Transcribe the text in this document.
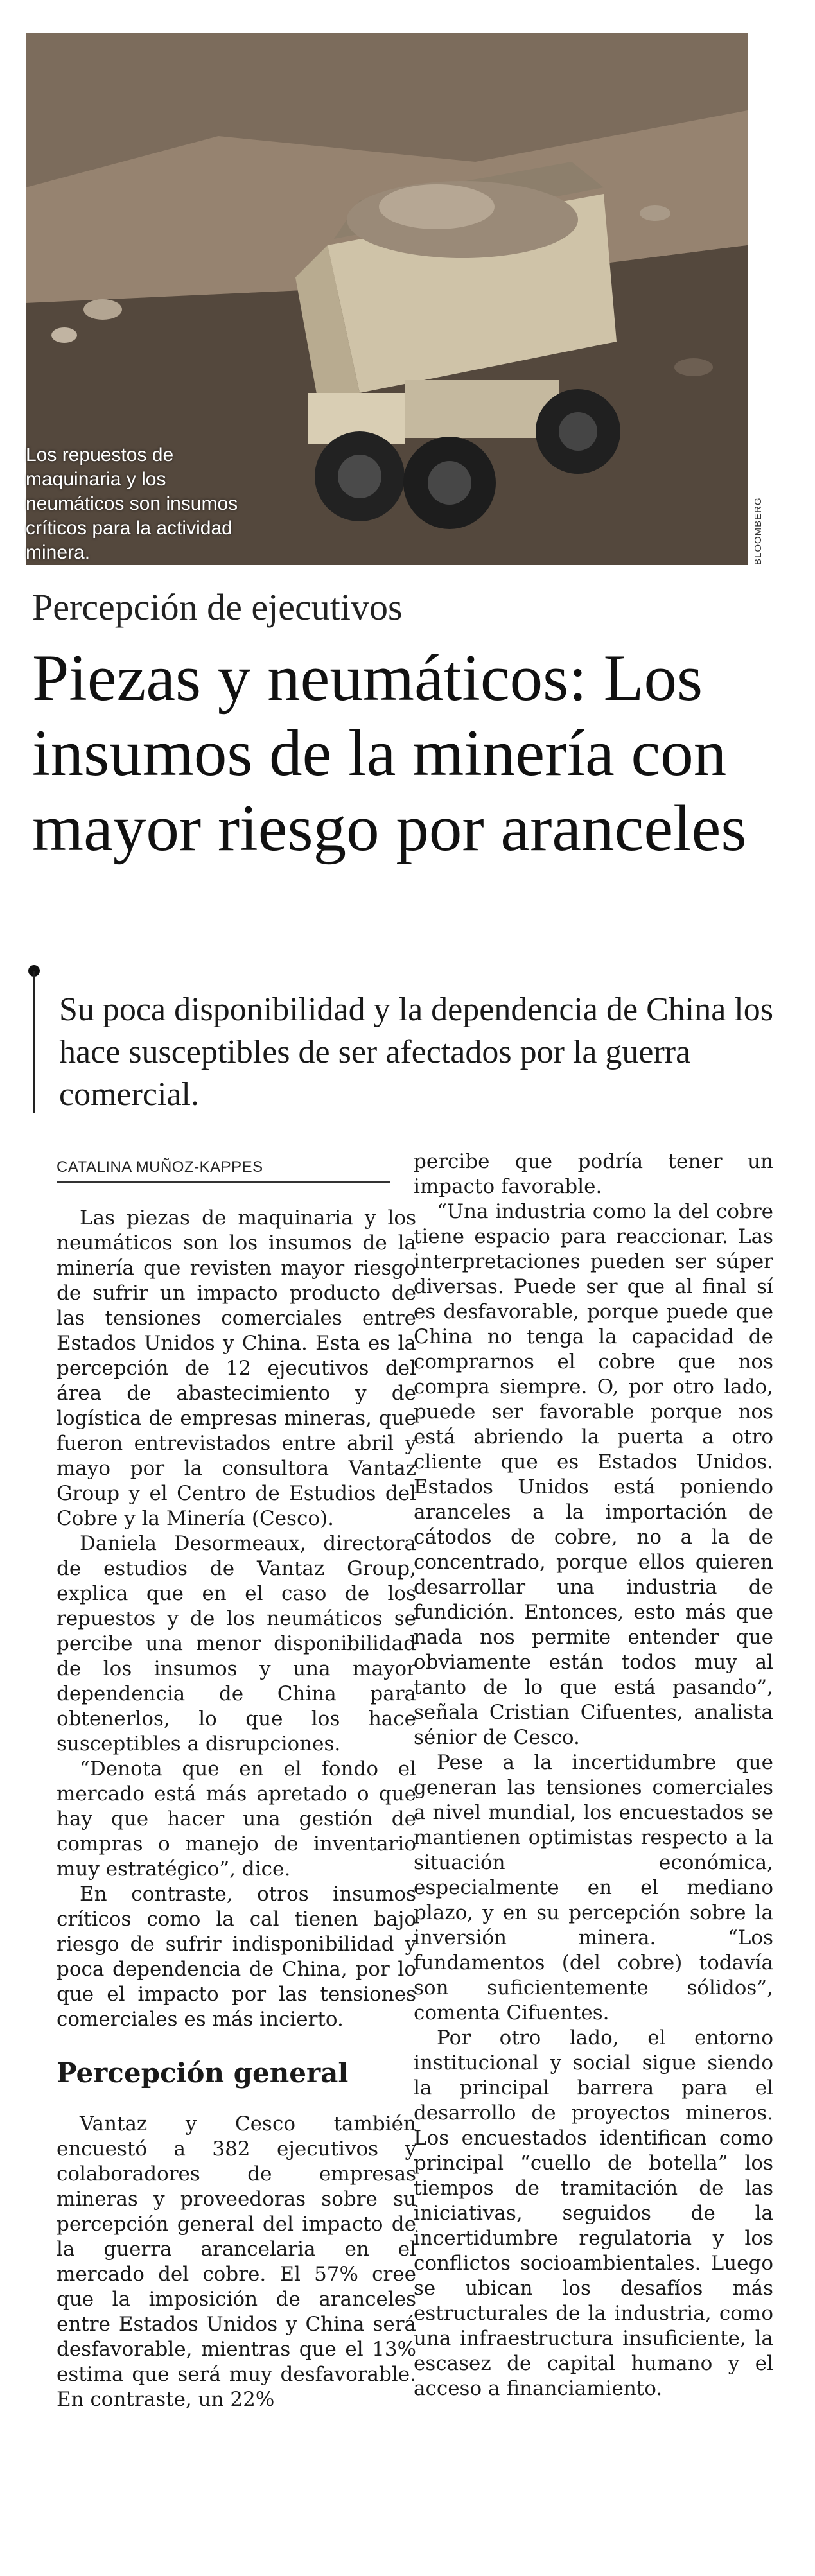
Los repuestos de maquinaria y los neumáticos son insumos críticos para la actividad minera.	BLOOMBERG
Percepción de ejecutivos
Piezas y neumáticos: Los insumos de la minería con mayor riesgo por aranceles
Su poca disponibilidad y la dependencia de China los hace susceptibles de ser afectados por la guerra comercial.
CATALINA MUÑOZ-KAPPES

Las piezas de maquinaria y los neumáticos son los insumos de la minería que revisten mayor riesgo de sufrir un impacto producto de las tensiones comerciales entre Estados Unidos y China. Esta es la percepción de 12 ejecutivos del área de abastecimiento y de logística de empresas mineras, que fueron entrevistados entre abril y mayo por la consultora Vantaz Group y el Centro de Estudios del Cobre y la Minería (Cesco).

Daniela Desormeaux, directora de estudios de Vantaz Group, explica que en el caso de los repuestos y de los neumáticos se percibe una menor disponibilidad de los insumos y una mayor dependencia de China para obtenerlos, lo que los hace susceptibles a disrupciones.

“Denota que en el fondo el mercado está más apretado o que hay que hacer una gestión de compras o manejo de inventario muy estratégico”, dice.

En contraste, otros insumos críticos como la cal tienen bajo riesgo de sufrir indisponibilidad y poca dependencia de China, por lo que el impacto por las tensiones comerciales es más incierto.

Percepción general

Vantaz y Cesco también encuestó a 382 ejecutivos y colaboradores de empresas mineras y proveedoras sobre su percepción general del impacto de la guerra arancelaria en el mercado del cobre. El 57% cree que la imposición de aranceles entre Estados Unidos y China será desfavorable, mientras que el 13% estima que será muy desfavorable. En contraste, un 22%

percibe que podría tener un impacto favorable.

“Una industria como la del cobre tiene espacio para reaccionar. Las interpretaciones pueden ser súper diversas. Puede ser que al final sí es desfavorable, porque puede que China no tenga la capacidad de comprarnos el cobre que nos compra siempre. O, por otro lado, puede ser favorable porque nos está abriendo la puerta a otro cliente que es Estados Unidos. Estados Unidos está poniendo aranceles a la importación de cátodos de cobre, no a la de concentrado, porque ellos quieren desarrollar una industria de fundición. Entonces, esto más que nada nos permite entender que obviamente están todos muy al tanto de lo que está pasando”, señala Cristian Cifuentes, analista sénior de Cesco.

Pese a la incertidumbre que generan las tensiones comerciales a nivel mundial, los encuestados se mantienen optimistas respecto a la situación económica, especialmente en el mediano plazo, y en su percepción sobre la inversión minera. “Los fundamentos (del cobre) todavía son suficientemente sólidos”, comenta Cifuentes.

Por otro lado, el entorno institucional y social sigue siendo la principal barrera para el desarrollo de proyectos mineros. Los encuestados identifican como principal “cuello de botella” los tiempos de tramitación de las iniciativas, seguidos de la incertidumbre regulatoria y los conflictos socioambientales. Luego se ubican los desafíos más estructurales de la industria, como una infraestructura insuficiente, la escasez de capital humano y el acceso a financiamiento.
